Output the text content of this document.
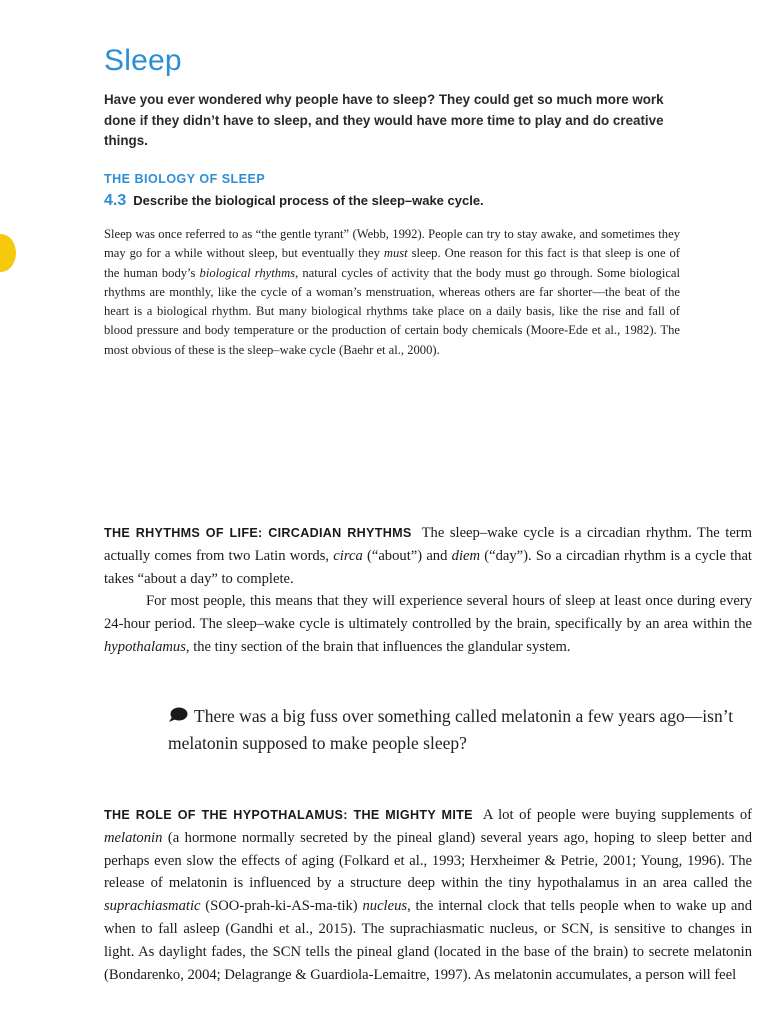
Sleep
Have you ever wondered why people have to sleep? They could get so much more work done if they didn’t have to sleep, and they would have more time to play and do creative things.
THE BIOLOGY OF SLEEP
4.3 Describe the biological process of the sleep–wake cycle.
Sleep was once referred to as “the gentle tyrant” (Webb, 1992). People can try to stay awake, and sometimes they may go for a while without sleep, but eventually they must sleep. One reason for this fact is that sleep is one of the human body’s biological rhythms, natural cycles of activity that the body must go through. Some biological rhythms are monthly, like the cycle of a woman’s menstruation, whereas others are far shorter—the beat of the heart is a biological rhythm. But many biological rhythms take place on a daily basis, like the rise and fall of blood pressure and body temperature or the production of certain body chemicals (Moore-Ede et al., 1982). The most obvious of these is the sleep–wake cycle (Baehr et al., 2000).
THE RHYTHMS OF LIFE: CIRCADIAN RHYTHMS The sleep–wake cycle is a circadian rhythm. The term actually comes from two Latin words, circa (“about”) and diem (“day”). So a circadian rhythm is a cycle that takes “about a day” to complete.
For most people, this means that they will experience several hours of sleep at least once during every 24-hour period. The sleep–wake cycle is ultimately controlled by the brain, specifically by an area within the hypothalamus, the tiny section of the brain that influences the glandular system.
There was a big fuss over something called melatonin a few years ago—isn’t melatonin supposed to make people sleep?
THE ROLE OF THE HYPOTHALAMUS: THE MIGHTY MITE A lot of people were buying supplements of melatonin (a hormone normally secreted by the pineal gland) several years ago, hoping to sleep better and perhaps even slow the effects of aging (Folkard et al., 1993; Herxheimer & Petrie, 2001; Young, 1996). The release of melatonin is influenced by a structure deep within the tiny hypothalamus in an area called the suprachiasmatic (SOO-prah-ki-AS-ma-tik) nucleus, the internal clock that tells people when to wake up and when to fall asleep (Gandhi et al., 2015). The suprachiasmatic nucleus, or SCN, is sensitive to changes in light. As daylight fades, the SCN tells the pineal gland (located in the base of the brain) to secrete melatonin (Bondarenko, 2004; Delagrange & Guardiola-Lemaitre, 1997). As melatonin accumulates, a person will feel
